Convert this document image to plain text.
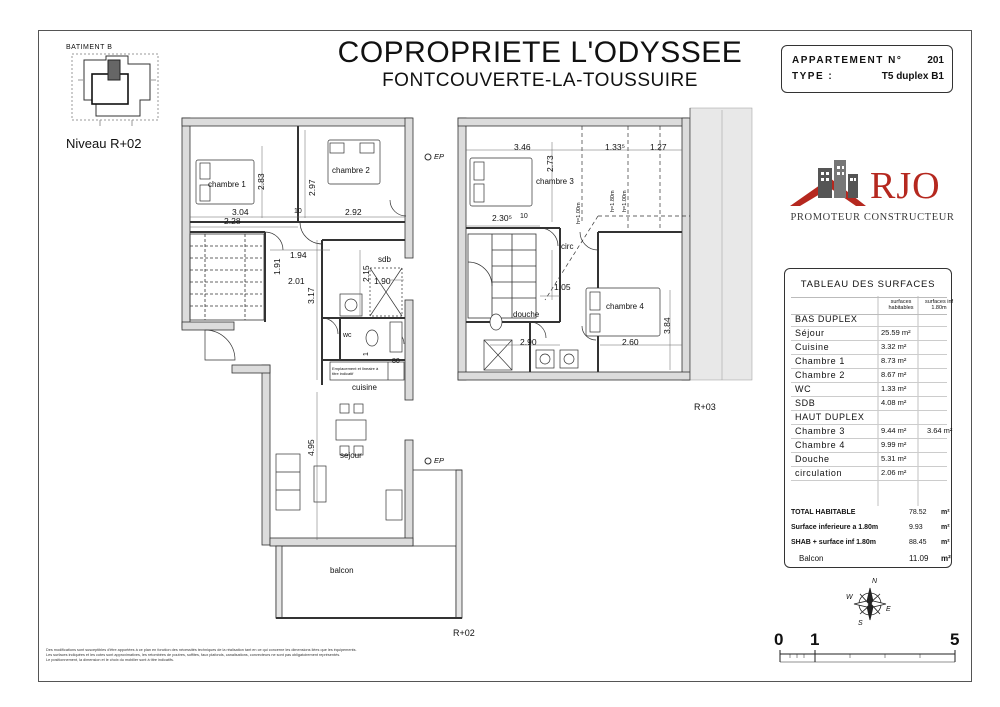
COPROPRIETE L'ODYSSEE
FONTCOUVERTE-LA-TOUSSUIRE
APPARTEMENT N° 201
TYPE :	T5 duplex B1
BATIMENT B
Niveau R+02
RJO
PROMOTEUR CONSTRUCTEUR
chambre 1
chambre 2
sdb
wc
Emplacement et lineaire à titre indicatif
cuisine
sejour
balcon
chambre 3
chambre 4
douche
circ
EP
EP
R+02
R+03
3.04	2.92
2.28
2.83	2.97
10
1.94
1.91
2.01	2.15 1.90
3.17
80
1
4.95
3.46	1.33⁵	1.27
2.73
2.30⁵ 10
1.05
2.90	2.60
3.84
h=1.00m
h=1.80m h=1.00m
TABLEAU DES SURFACES
surfaces habitables
surfaces inf 1.80m
BAS DUPLEX
Séjour	25.59 m²
Cuisine	3.32 m²
Chambre 1	8.73 m²
Chambre 2	8.67 m²
WC	1.33 m²
SDB	4.08 m²
HAUT DUPLEX
Chambre 3	9.44 m²	3.64 m²
Chambre 4	9.99 m²
Douche	5.31 m²
circulation	2.06 m²
TOTAL HABITABLE	78.52 m²
Surface inferieure a 1.80m	9.93	m²
SHAB + surface inf 1.80m	88.45 m²
Balcon	11.09 m²
N
E
S
W
0 1	5
Des modifications sont susceptibles d'être apportées à ce plan en fonction des nécessités techniques de la réalisation tant en ce qui concerne les dimensions liées que les équipements.
Les surfaces indiquées et les cotes sont approximatives, les retombées de poutres, soffites, faux plafonds, canalisations, convecteurs ne sont pas obligatoirement représentés.
Le positionnement, la dimension et le choix du mobilier sont à titre indicatifs.
